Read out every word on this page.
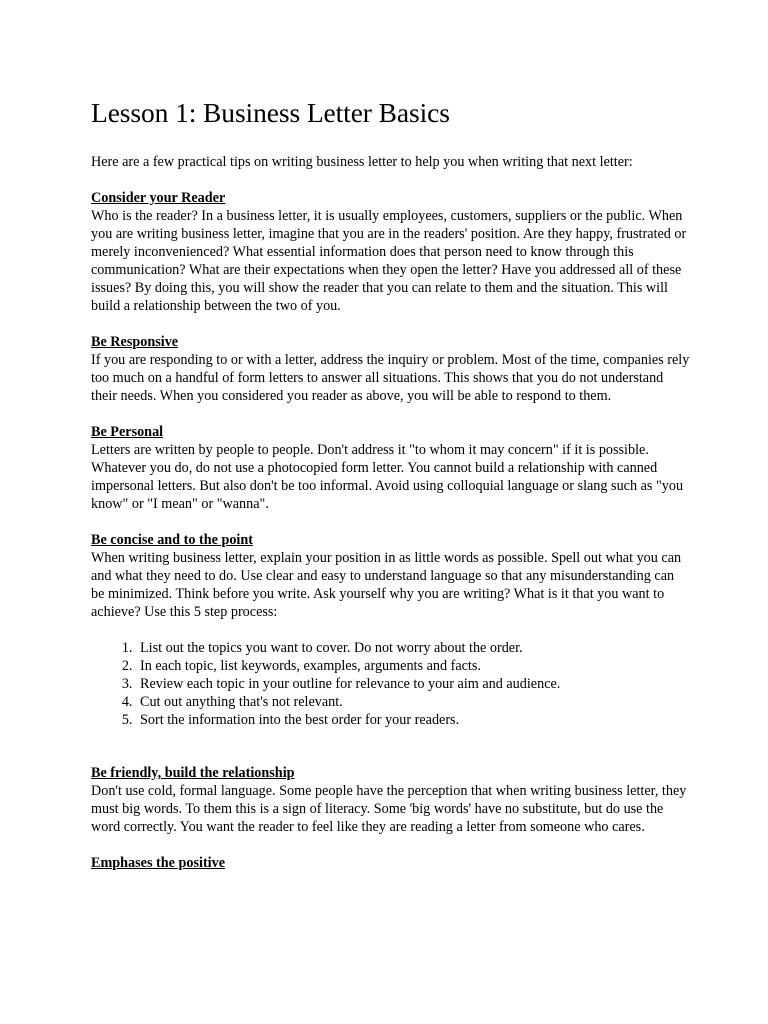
Lesson 1: Business Letter Basics

Here are a few practical tips on writing business letter to help you when writing that next letter:

Consider your Reader

Who is the reader? In a business letter, it is usually employees, customers, suppliers or the public. When you are writing business letter, imagine that you are in the readers' position. Are they happy, frustrated or merely inconvenienced? What essential information does that person need to know through this communication? What are their expectations when they open the letter? Have you addressed all of these issues? By doing this, you will show the reader that you can relate to them and the situation. This will build a relationship between the two of you.

Be Responsive

If you are responding to or with a letter, address the inquiry or problem. Most of the time, companies rely too much on a handful of form letters to answer all situations. This shows that you do not understand their needs. When you considered you reader as above, you will be able to respond to them.

Be Personal

Letters are written by people to people. Don't address it "to whom it may concern" if it is possible. Whatever you do, do not use a photocopied form letter. You cannot build a relationship with canned impersonal letters. But also don't be too informal. Avoid using colloquial language or slang such as "you know" or "I mean" or "wanna".

Be concise and to the point

When writing business letter, explain your position in as little words as possible. Spell out what you can and what they need to do. Use clear and easy to understand language so that any misunderstanding can be minimized. Think before you write. Ask yourself why you are writing? What is it that you want to achieve? Use this 5 step process:

1. List out the topics you want to cover. Do not worry about the order.
2. In each topic, list keywords, examples, arguments and facts.
3. Review each topic in your outline for relevance to your aim and audience.
4. Cut out anything that's not relevant.
5. Sort the information into the best order for your readers.

Be friendly, build the relationship

Don't use cold, formal language. Some people have the perception that when writing business letter, they must big words. To them this is a sign of literacy. Some 'big words' have no substitute, but do use the word correctly. You want the reader to feel like they are reading a letter from someone who cares.

Emphases the positive
